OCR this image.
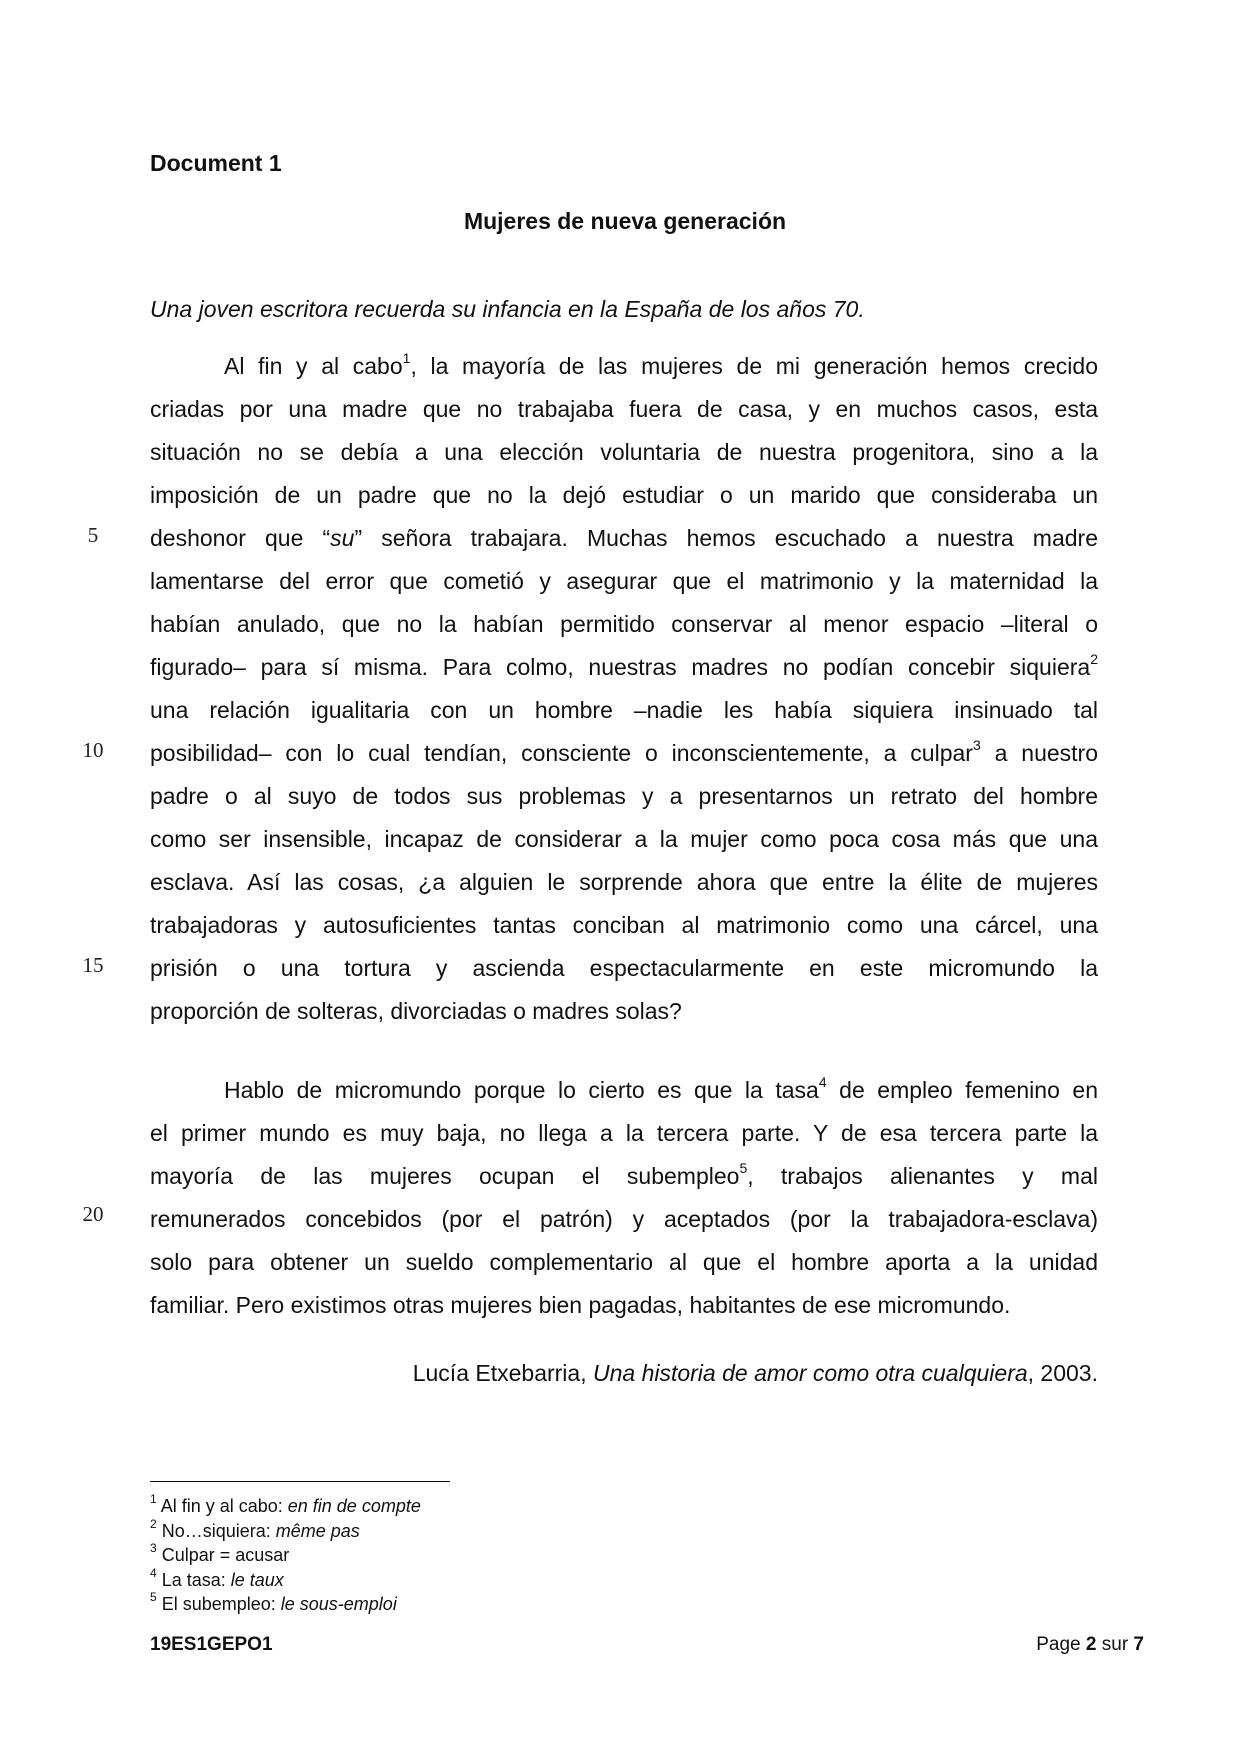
Document 1
Mujeres de nueva generación
Una joven escritora recuerda su infancia en la España de los años 70.
Al fin y al cabo$^1$, la mayoría de las mujeres de mi generación hemos crecido
criadas por una madre que no trabajaba fuera de casa, y en muchos casos, esta
situación no se debía a una elección voluntaria de nuestra progenitora, sino a la
imposición de un padre que no la dejó estudiar o un marido que consideraba un
deshonor que “su” señora trabajara. Muchas hemos escuchado a nuestra madre
lamentarse del error que cometió y asegurar que el matrimonio y la maternidad la
habían anulado, que no la habían permitido conservar al menor espacio –literal o
figurado– para sí misma. Para colmo, nuestras madres no podían concebir siquiera$^2$
una relación igualitaria con un hombre –nadie les había siquiera insinuado tal
posibilidad– con lo cual tendían, consciente o inconscientemente, a culpar$^3$ a nuestro
padre o al suyo de todos sus problemas y a presentarnos un retrato del hombre
como ser insensible, incapaz de considerar a la mujer como poca cosa más que una
esclava. Así las cosas, ¿a alguien le sorprende ahora que entre la élite de mujeres
trabajadoras y autosuficientes tantas conciban al matrimonio como una cárcel, una
prisión o una tortura y ascienda espectacularmente en este micromundo la
proporción de solteras, divorciadas o madres solas?
Hablo de micromundo porque lo cierto es que la tasa$^4$ de empleo femenino en
el primer mundo es muy baja, no llega a la tercera parte. Y de esa tercera parte la
mayoría de las mujeres ocupan el subempleo$^5$, trabajos alienantes y mal
remunerados concebidos (por el patrón) y aceptados (por la trabajadora-esclava)
solo para obtener un sueldo complementario al que el hombre aporta a la unidad
familiar. Pero existimos otras mujeres bien pagadas, habitantes de ese micromundo.
5
10
15
20
Lucía Etxebarria, Una historia de amor como otra cualquiera, 2003.
$^1$ Al fin y al cabo: en fin de compte
$^2$ No…siquiera: même pas
$^3$ Culpar = acusar
$^4$ La tasa: le taux
$^5$ El subempleo: le sous-emploi
19ES1GEPO1	Page 2 sur 7
